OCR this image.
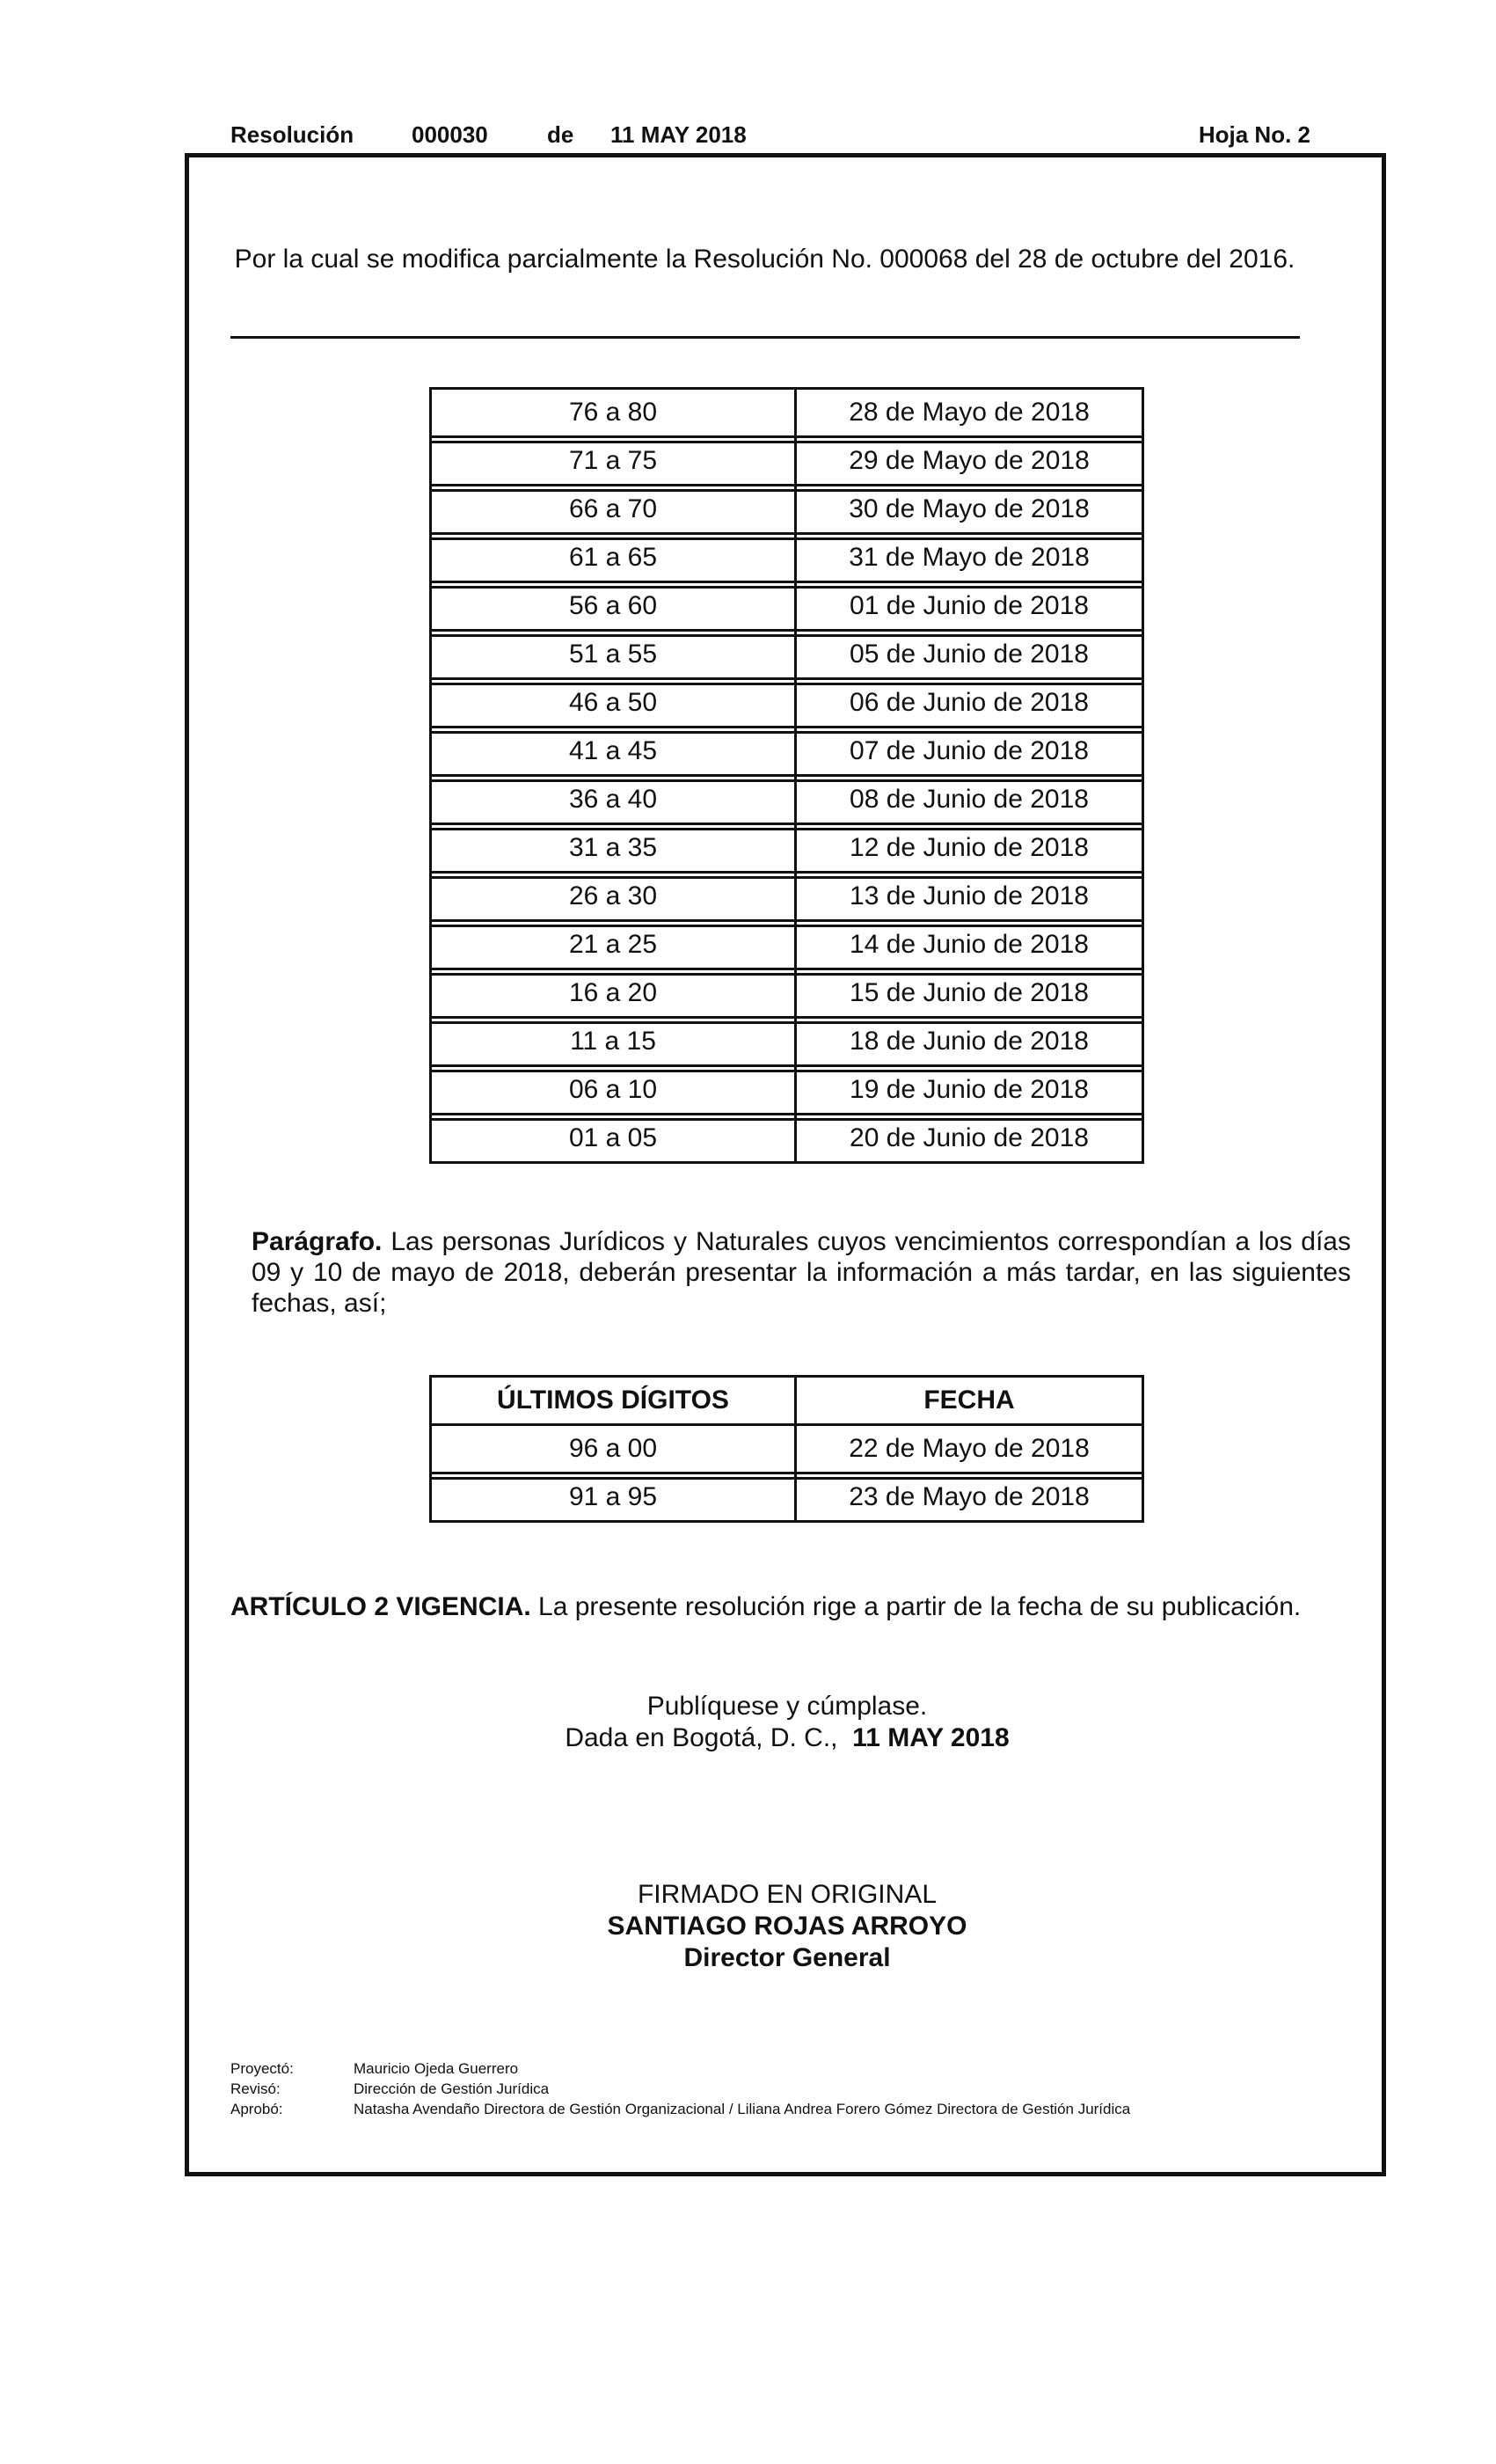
Resolución	000030	de 11 MAY 2018	Hoja No. 2
Por la cual se modifica parcialmente la Resolución No. 000068 del 28 de octubre del 2016.
76 a 80	28 de Mayo de 2018
71 a 75	29 de Mayo de 2018
66 a 70	30 de Mayo de 2018
61 a 65	31 de Mayo de 2018
56 a 60	01 de Junio de 2018
51 a 55	05 de Junio de 2018
46 a 50	06 de Junio de 2018
41 a 45	07 de Junio de 2018
36 a 40	08 de Junio de 2018
31 a 35	12 de Junio de 2018
26 a 30	13 de Junio de 2018
21 a 25	14 de Junio de 2018
16 a 20	15 de Junio de 2018
11 a 15	18 de Junio de 2018
06 a 10	19 de Junio de 2018
01 a 05	20 de Junio de 2018
Parágrafo. Las personas Jurídicos y Naturales cuyos vencimientos correspondían a los días 09 y 10 de mayo de 2018, deberán presentar la información a más tardar, en las siguientes fechas, así;
ÚLTIMOS DÍGITOS	FECHA
96 a 00	22 de Mayo de 2018
91 a 95	23 de Mayo de 2018
ARTÍCULO 2 VIGENCIA. La presente resolución rige a partir de la fecha de su publicación.
Publíquese y cúmplase.
Dada en Bogotá, D. C., 11 MAY 2018
FIRMADO EN ORIGINAL
SANTIAGO ROJAS ARROYO
Director General
Proyectó:	Mauricio Ojeda Guerrero
Revisó:	Dirección de Gestión Jurídica
Aprobó:	Natasha Avendaño Directora de Gestión Organizacional / Liliana Andrea Forero Gómez Directora de Gestión Jurídica
